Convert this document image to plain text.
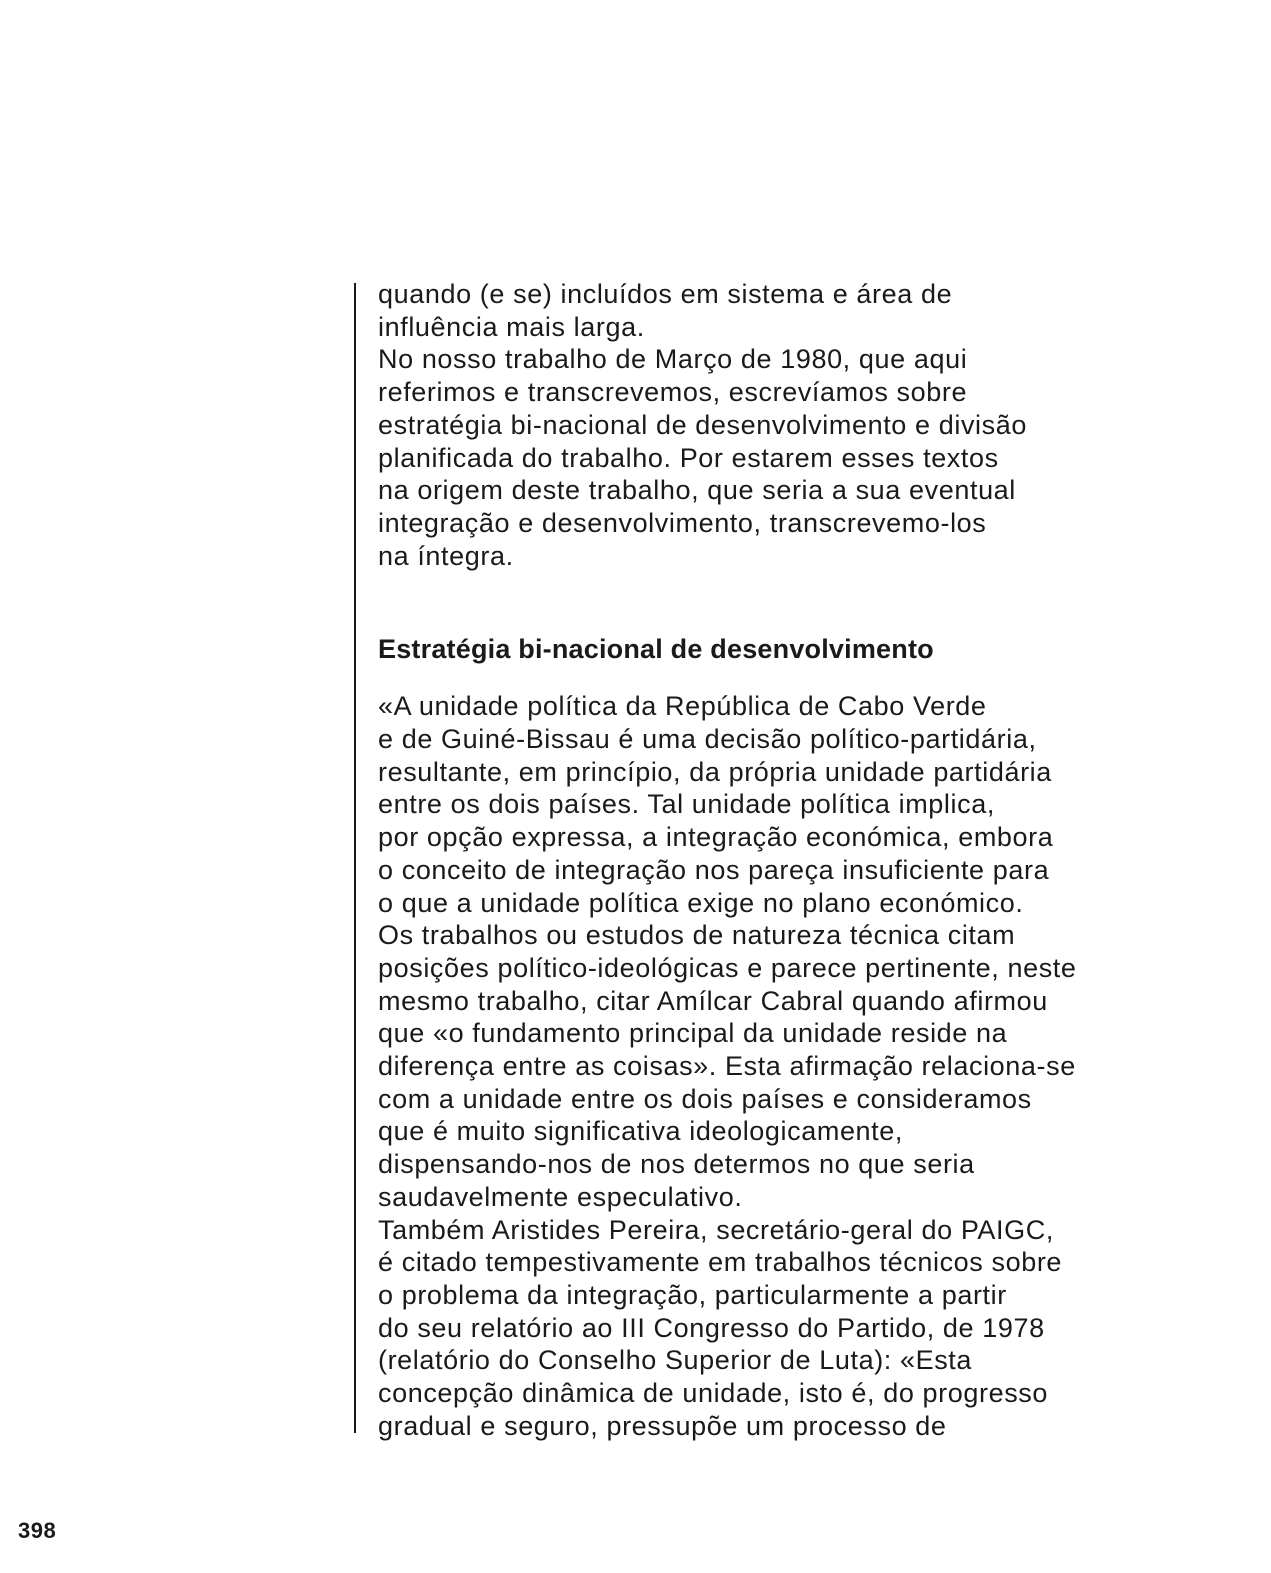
quando (e se) incluídos em sistema e área de
influência mais larga.
No nosso trabalho de Março de 1980, que aqui
referimos e transcrevemos, escrevíamos sobre
estratégia bi-nacional de desenvolvimento e divisão
planificada do trabalho. Por estarem esses textos
na origem deste trabalho, que seria a sua eventual
integração e desenvolvimento, transcrevemo-los
na íntegra.
Estratégia bi-nacional de desenvolvimento
«A unidade política da República de Cabo Verde
e de Guiné-Bissau é uma decisão político-partidária,
resultante, em princípio, da própria unidade partidária
entre os dois países. Tal unidade política implica,
por opção expressa, a integração económica, embora
o conceito de integração nos pareça insuficiente para
o que a unidade política exige no plano económico.
Os trabalhos ou estudos de natureza técnica citam
posições político-ideológicas e parece pertinente, neste
mesmo trabalho, citar Amílcar Cabral quando afirmou
que «o fundamento principal da unidade reside na
diferença entre as coisas». Esta afirmação relaciona-se
com a unidade entre os dois países e consideramos
que é muito significativa ideologicamente,
dispensando-nos de nos determos no que seria
saudavelmente especulativo.
Também Aristides Pereira, secretário-geral do PAIGC,
é citado tempestivamente em trabalhos técnicos sobre
o problema da integração, particularmente a partir
do seu relatório ao III Congresso do Partido, de 1978
(relatório do Conselho Superior de Luta): «Esta
concepção dinâmica de unidade, isto é, do progresso
gradual e seguro, pressupõe um processo de
398
